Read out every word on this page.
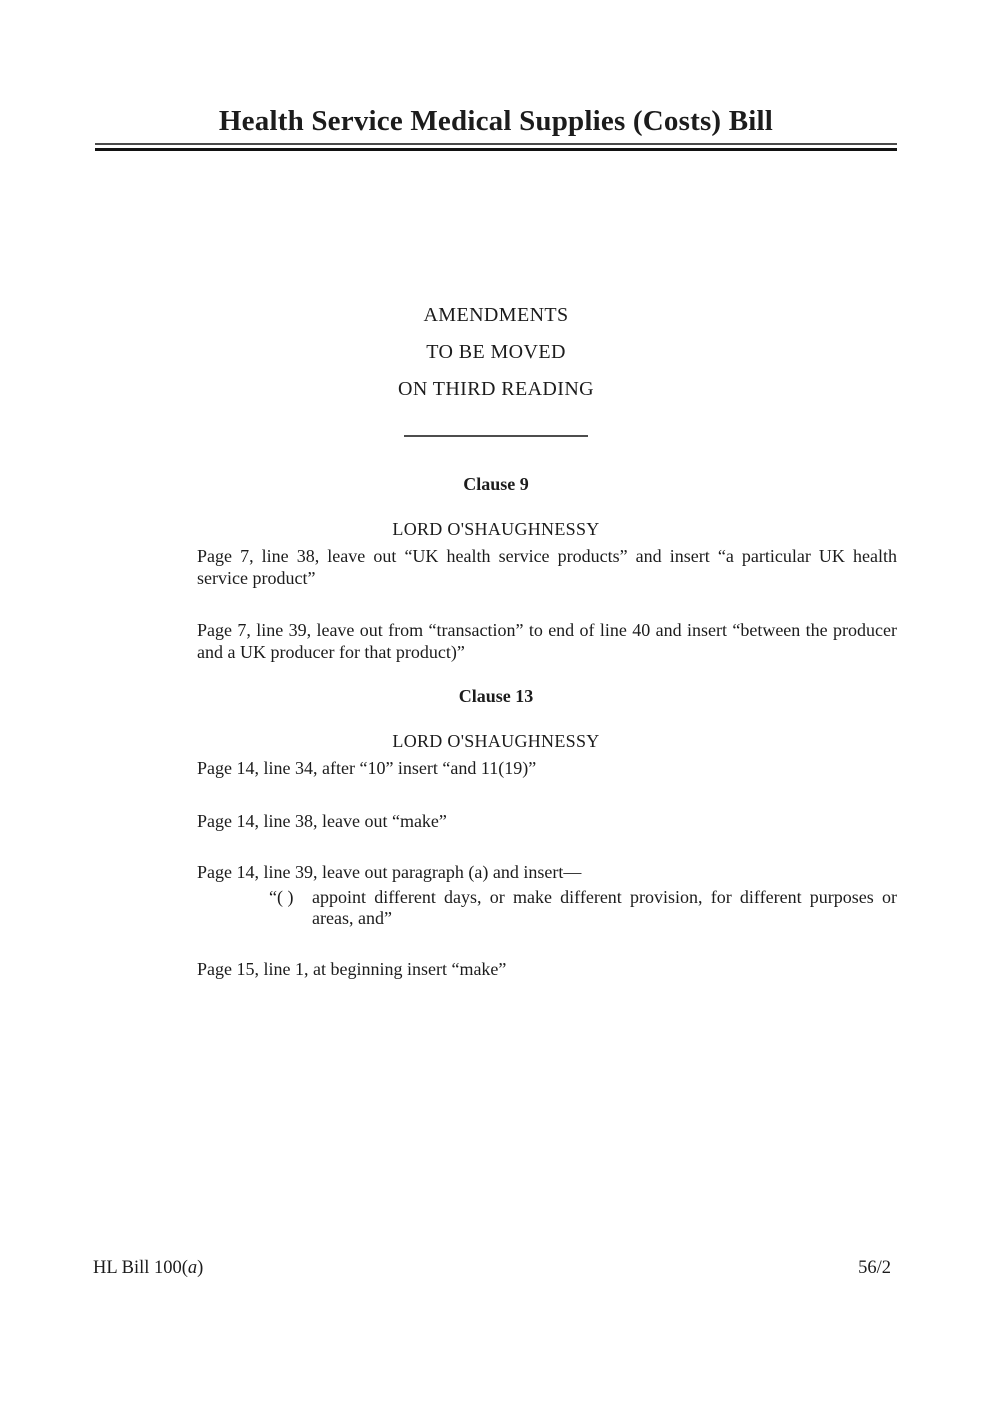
Health Service Medical Supplies (Costs) Bill
AMENDMENTS
TO BE MOVED
ON THIRD READING
Clause 9
LORD O'SHAUGHNESSY

Page 7, line 38, leave out “UK health service products” and insert “a particular UK health service product”

Page 7, line 39, leave out from “transaction” to end of line 40 and insert “between the producer and a UK producer for that product)”

Clause 13
LORD O'SHAUGHNESSY

Page 14, line 34, after “10” insert “and 11(19)”

Page 14, line 38, leave out “make”

Page 14, line 39, leave out paragraph (a) and insert—

“( )	appoint different days, or make different provision, for different purposes or areas, and”

Page 15, line 1, at beginning insert “make”

HL Bill 100(a)	56/2
